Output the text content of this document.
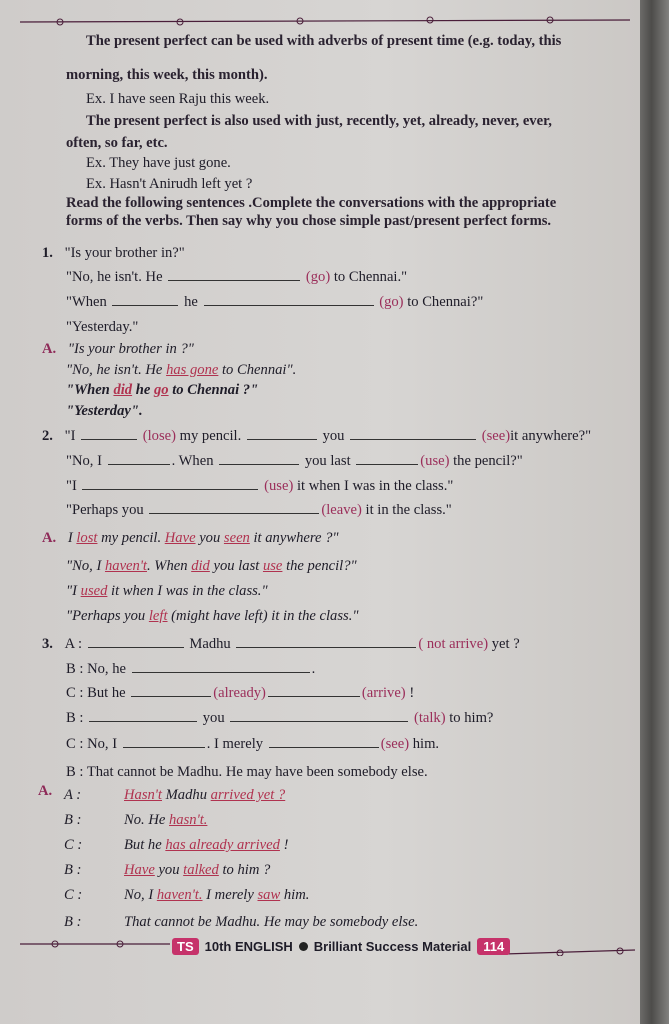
The present perfect can be used with adverbs of present time (e.g. today, this
morning, this week, this month).
Ex. I have seen Raju this week.
The present perfect is also used with just, recently, yet, already, never, ever,
often, so far, etc.
Ex. They have just gone.
Ex. Hasn't Anirudh left yet ?
Read the following sentences .Complete the conversations with the appropriate
forms of the verbs. Then say why you chose simple past/present perfect forms.
1. "Is your brother in?"
"No, he isn't. He	(go) to Chennai."
"When	he	(go) to Chennai?"
"Yesterday."
A. "Is your brother in ?"
"No, he isn't. He has gone to Chennai".
"When did he go to Chennai ?"
"Yesterday".
2. "I	(lose) my pencil.	you	(see)it anywhere?"
"No, I	. When	you last	(use) the pencil?"
"I	(use) it when I was in the class."
"Perhaps you	(leave) it in the class."
A. I lost my pencil. Have you seen it anywhere ?"
"No, I haven't. When did you last use the pencil?"
"I used it when I was in the class."
"Perhaps you left (might have left) it in the class."
3. A :	Madhu	( not arrive) yet ?
B : No, he	.
C : But he	(already)	(arrive) !
B :	you	(talk) to him?
C : No, I	. I merely	(see) him.
B : That cannot be Madhu. He may have been somebody else.
A. A :	Hasn't Madhu arrived yet ?
B :	No. He hasn't.
C :	But he has already arrived !
B :	Have you talked to him ?
C :	No, I haven't. I merely saw him.
B :	That cannot be Madhu. He may be somebody else.
TS 10th ENGLISH Brilliant Success Material 114
